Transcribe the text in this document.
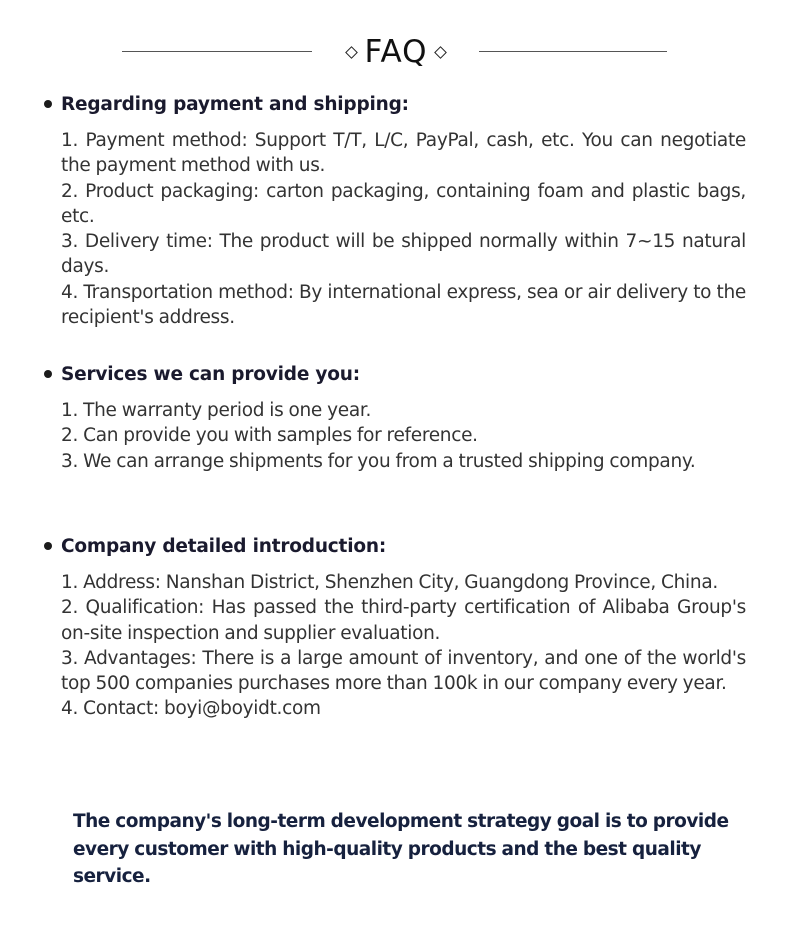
FAQ
Regarding payment and shipping:
1. Payment method: Support T/T, L/C, PayPal, cash, etc. You can negotiate the payment method with us.
2. Product packaging: carton packaging, containing foam and plastic bags, etc.
3. Delivery time: The product will be shipped normally within 7~15 natural days.
4. Transportation method: By international express, sea or air delivery to the recipient's address.
Services we can provide you:
1. The warranty period is one year.
2. Can provide you with samples for reference.
3. We can arrange shipments for you from a trusted shipping company.
Company detailed introduction:
1. Address: Nanshan District, Shenzhen City, Guangdong Province, China.
2. Qualification: Has passed the third-party certification of Alibaba Group's on-site inspection and supplier evaluation.
3. Advantages: There is a large amount of inventory, and one of the world's top 500 companies purchases more than 100k in our company every year.
4. Contact: boyi@boyidt.com
The company's long-term development strategy goal is to provide every customer with high-quality products and the best quality service.
